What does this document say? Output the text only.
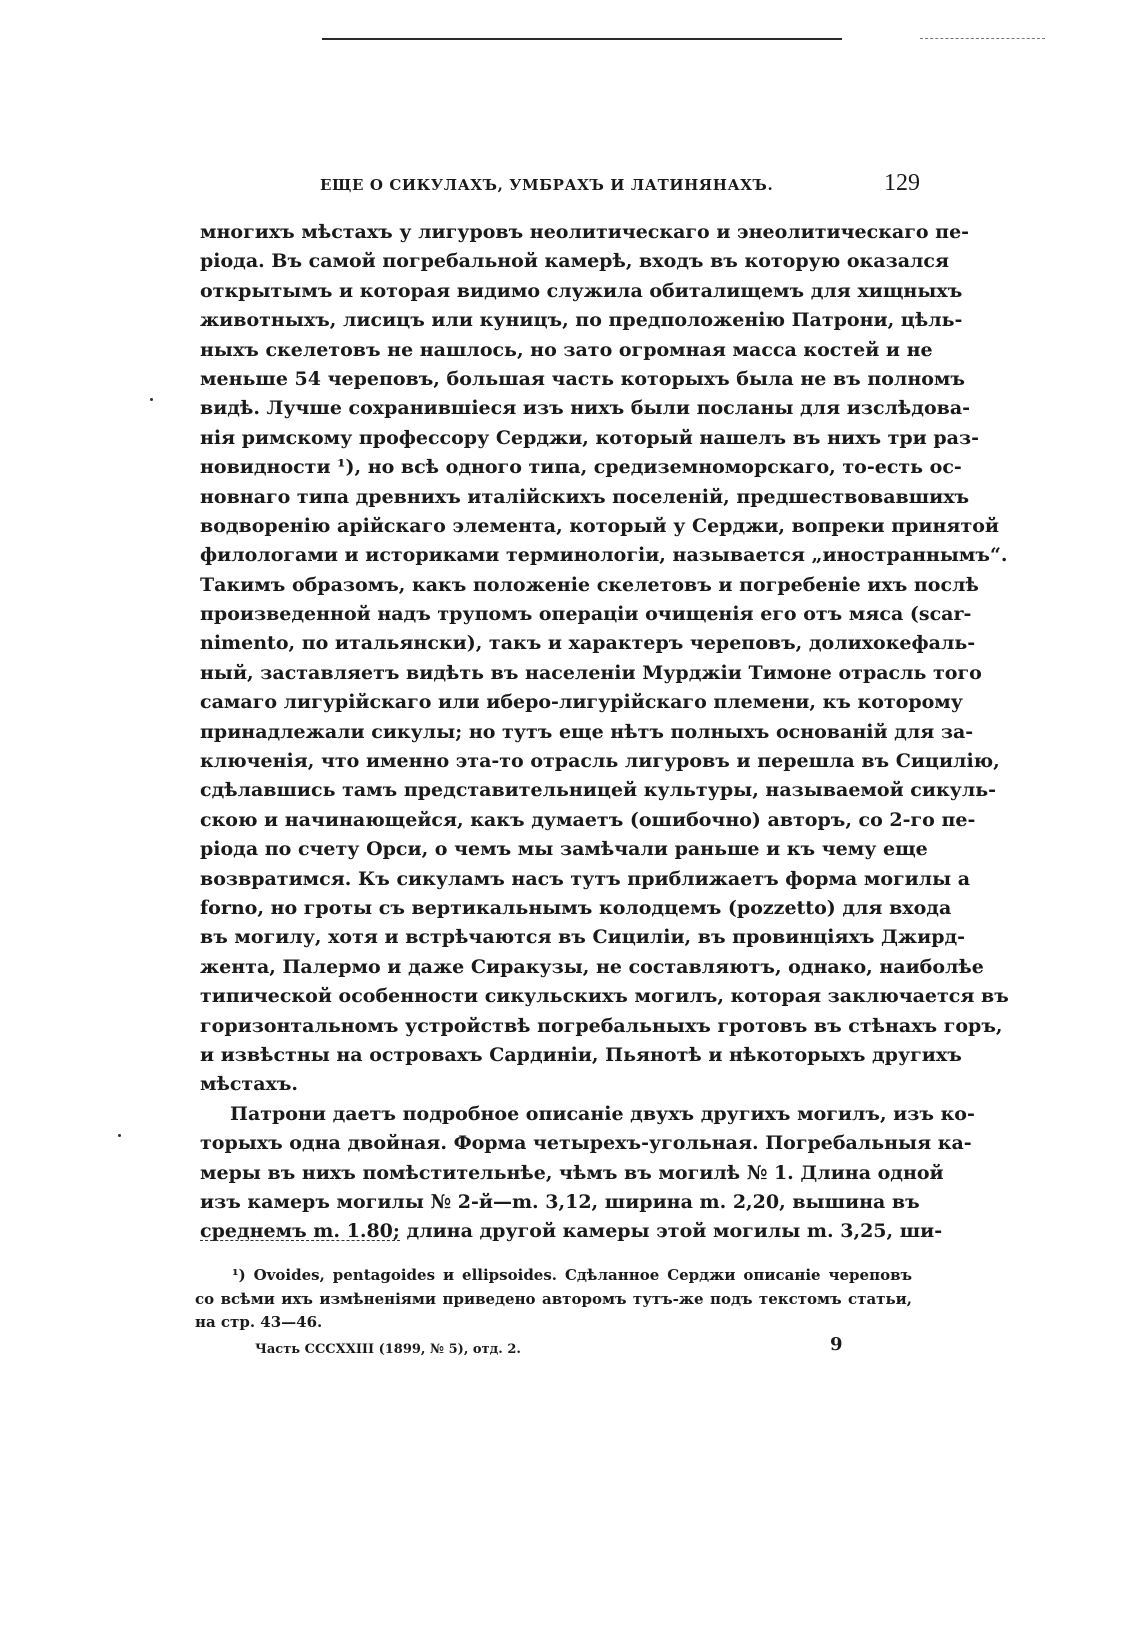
ЕЩЕ О СИКУЛАХЪ, УМБРАХЪ И ЛАТИНЯНАХЪ.	129
многихъ мѣстахъ у лигуровъ неолитическаго и энеолитическаго пе-
ріода. Въ самой погребальной камерѣ, входъ въ которую оказался
открытымъ и которая видимо служила обиталищемъ для хищныхъ
животныхъ, лисицъ или куницъ, по предположенію Патрони, цѣль-
ныхъ скелетовъ не нашлось, но зато огромная масса костей и не
меньше 54 череповъ, большая часть которыхъ была не въ полномъ
видѣ. Лучше сохранившіеся изъ нихъ были посланы для изслѣдова-
нія римскому профессору Серджи, который нашелъ въ нихъ три раз-
новидности ¹), но всѣ одного типа, средиземноморскаго, то-есть ос-
новнаго типа древнихъ италійскихъ поселеній, предшествовавшихъ
водворенію арійскаго элемента, который у Серджи, вопреки принятой
филологами и историками терминологіи, называется „иностраннымъ“.
Такимъ образомъ, какъ положеніе скелетовъ и погребеніе ихъ послѣ
произведенной надъ трупомъ операціи очищенія его отъ мяса (scar-
nimento, по итальянски), такъ и характеръ череповъ, долихокефаль-
ный, заставляетъ видѣть въ населеніи Мурджіи Тимоне отрасль того
самаго лигурійскаго или иберо-лигурійскаго племени, къ которому
принадлежали сикулы; но тутъ еще нѣтъ полныхъ основаній для за-
ключенія, что именно эта-то отрасль лигуровъ и перешла въ Сицилію,
сдѣлавшись тамъ представительницей культуры, называемой сикуль-
скою и начинающейся, какъ думаетъ (ошибочно) авторъ, со 2-го пе-
ріода по счету Орси, о чемъ мы замѣчали раньше и къ чему еще
возвратимся. Къ сикуламъ насъ тутъ приближаетъ форма могилы a
forno, но гроты съ вертикальнымъ колодцемъ (pozzetto) для входа
въ могилу, хотя и встрѣчаются въ Сициліи, въ провинціяхъ Джирд-
жента, Палермо и даже Сиракузы, не составляютъ, однако, наиболѣе
типической особенности сикульскихъ могилъ, которая заключается въ
горизонтальномъ устройствѣ погребальныхъ гротовъ въ стѣнахъ горъ,
и извѣстны на островахъ Сардиніи, Пьянотѣ и нѣкоторыхъ другихъ
мѣстахъ.
Патрони даетъ подробное описаніе двухъ другихъ могилъ, изъ ко-
торыхъ одна двойная. Форма четырехъ-угольная. Погребальныя ка-
меры въ нихъ помѣстительнѣе, чѣмъ въ могилѣ № 1. Длина одной
изъ камеръ могилы № 2-й—m. 3,12, ширина m. 2,20, вышина въ
среднемъ m. 1.80; длина другой камеры этой могилы m. 3,25, ши-
¹) Ovoides, pentagoides и ellipsoides. Сдѣланное Серджи описаніе череповъ
со всѣми ихъ измѣненіями приведено авторомъ тутъ-же подъ текстомъ статьи,
на стр. 43—46.
Часть CCCXXIII (1899, № 5), отд. 2.	9
